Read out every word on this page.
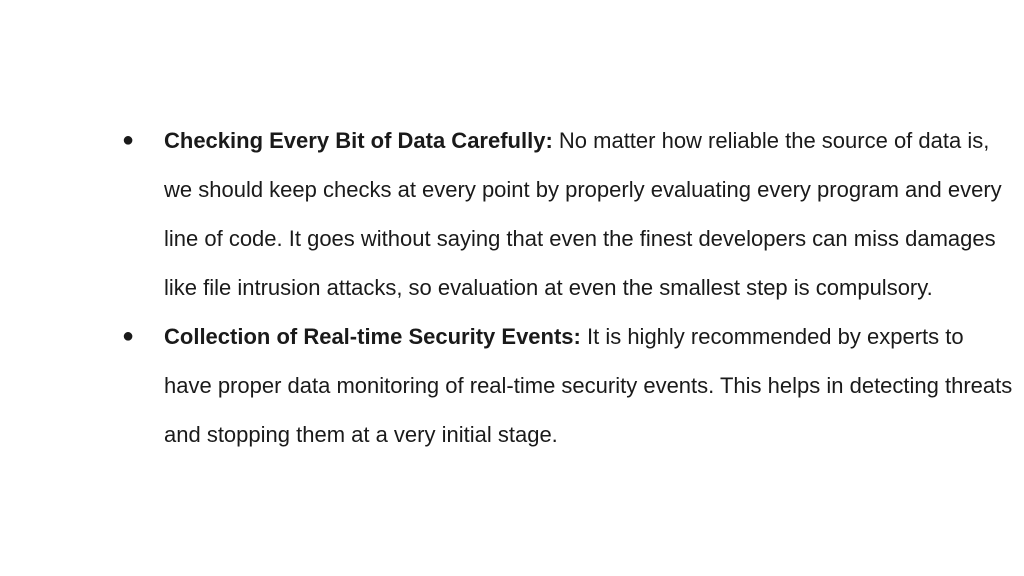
●	Checking Every Bit of Data Carefully: No matter how reliable the source of data is, we should keep checks at every point by properly evaluating every program and every line of code. It goes without saying that even the finest developers can miss damages like file intrusion attacks, so evaluation at even the smallest step is compulsory.
●	Collection of Real-time Security Events: It is highly recommended by experts to have proper data monitoring of real-time security events. This helps in detecting threats and stopping them at a very initial stage.
